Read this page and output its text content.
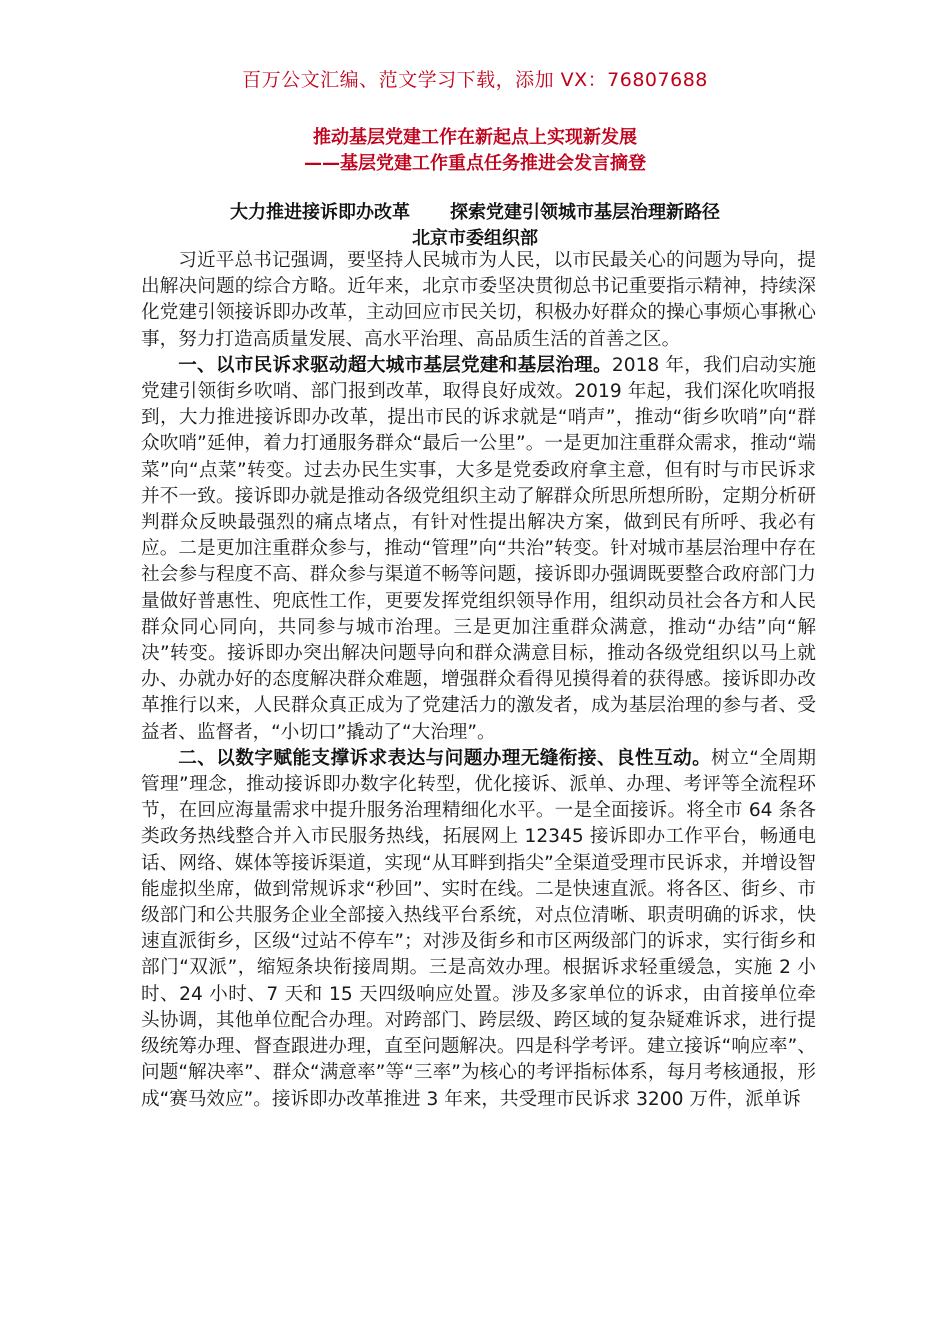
百万公文汇编、范文学习下载，添加 VX：76807688
推动基层党建工作在新起点上实现新发展
——基层党建工作重点任务推进会发言摘登
大力推进接诉即办改革 探索党建引领城市基层治理新路径
北京市委组织部

习近平总书记强调，要坚持人民城市为人民，以市民最关心的问题为导向，提出解决问题的综合方略。近年来，北京市委坚决贯彻总书记重要指示精神，持续深化党建引领接诉即办改革，主动回应市民关切，积极办好群众的操心事烦心事揪心事，努力打造高质量发展、高水平治理、高品质生活的首善之区。

一、以市民诉求驱动超大城市基层党建和基层治理。2018 年，我们启动实施党建引领街乡吹哨、部门报到改革，取得良好成效。2019 年起，我们深化吹哨报到，大力推进接诉即办改革，提出市民的诉求就是“哨声”，推动“街乡吹哨”向“群众吹哨”延伸，着力打通服务群众“最后一公里”。一是更加注重群众需求，推动“端菜”向“点菜”转变。过去办民生实事，大多是党委政府拿主意，但有时与市民诉求并不一致。接诉即办就是推动各级党组织主动了解群众所思所想所盼，定期分析研判群众反映最强烈的痛点堵点，有针对性提出解决方案，做到民有所呼、我必有应。二是更加注重群众参与，推动“管理”向“共治”转变。针对城市基层治理中存在社会参与程度不高、群众参与渠道不畅等问题，接诉即办强调既要整合政府部门力量做好普惠性、兜底性工作，更要发挥党组织领导作用，组织动员社会各方和人民群众同心同向，共同参与城市治理。三是更加注重群众满意，推动“办结”向“解决”转变。接诉即办突出解决问题导向和群众满意目标，推动各级党组织以马上就办、办就办好的态度解决群众难题，增强群众看得见摸得着的获得感。接诉即办改革推行以来，人民群众真正成为了党建活力的激发者，成为基层治理的参与者、受益者、监督者，“小切口”撬动了“大治理”。

二、以数字赋能支撑诉求表达与问题办理无缝衔接、良性互动。树立“全周期管理”理念，推动接诉即办数字化转型，优化接诉、派单、办理、考评等全流程环节，在回应海量需求中提升服务治理精细化水平。一是全面接诉。将全市 64 条各类政务热线整合并入市民服务热线，拓展网上 12345 接诉即办工作平台，畅通电话、网络、媒体等接诉渠道，实现“从耳畔到指尖”全渠道受理市民诉求，并增设智能虚拟坐席，做到常规诉求“秒回”、实时在线。二是快速直派。将各区、街乡、市级部门和公共服务企业全部接入热线平台系统，对点位清晰、职责明确的诉求，快速直派街乡，区级“过站不停车”；对涉及街乡和市区两级部门的诉求，实行街乡和部门“双派”，缩短条块衔接周期。三是高效办理。根据诉求轻重缓急，实施 2 小时、24 小时、7 天和 15 天四级响应处置。涉及多家单位的诉求，由首接单位牵头协调，其他单位配合办理。对跨部门、跨层级、跨区域的复杂疑难诉求，进行提级统筹办理、督查跟进办理，直至问题解决。四是科学考评。建立接诉“响应率”、问题“解决率”、群众“满意率”等“三率”为核心的考评指标体系，每月考核通报，形成“赛马效应”。接诉即办改革推进 3 年来，共受理市民诉求 3200 万件，派单诉
